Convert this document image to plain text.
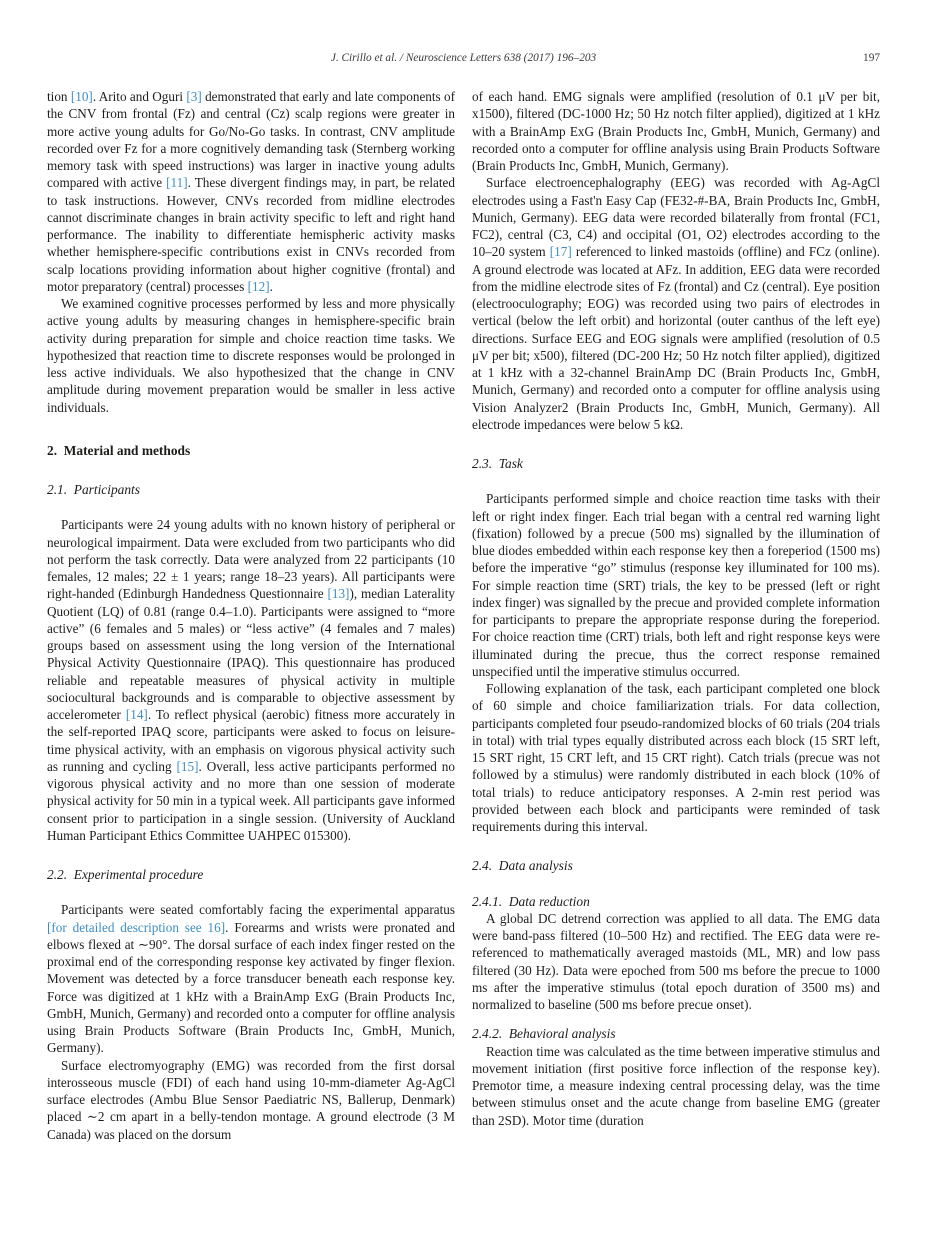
J. Cirillo et al. / Neuroscience Letters 638 (2017) 196–203	197

tion [10]. Arito and Oguri [3] demonstrated that early and late components of the CNV from frontal (Fz) and central (Cz) scalp regions were greater in more active young adults for Go/No-Go tasks. In contrast, CNV amplitude recorded over Fz for a more cognitively demanding task (Sternberg working memory task with speed instructions) was larger in inactive young adults compared with active [11]. These divergent findings may, in part, be related to task instructions. However, CNVs recorded from midline electrodes cannot discriminate changes in brain activity specific to left and right hand performance. The inability to differentiate hemispheric activity masks whether hemisphere-specific contributions exist in CNVs recorded from scalp locations providing information about higher cognitive (frontal) and motor preparatory (central) processes [12].

We examined cognitive processes performed by less and more physically active young adults by measuring changes in hemisphere-specific brain activity during preparation for simple and choice reaction time tasks. We hypothesized that reaction time to discrete responses would be prolonged in less active individuals. We also hypothesized that the change in CNV amplitude during movement preparation would be smaller in less active individuals.

2. Material and methods
2.1. Participants

Participants were 24 young adults with no known history of peripheral or neurological impairment. Data were excluded from two participants who did not perform the task correctly. Data were analyzed from 22 participants (10 females, 12 males; 22 ± 1 years; range 18–23 years). All participants were right-handed (Edinburgh Handedness Questionnaire [13]), median Laterality Quotient (LQ) of 0.81 (range 0.4–1.0). Participants were assigned to “more active” (6 females and 5 males) or “less active” (4 females and 7 males) groups based on assessment using the long version of the International Physical Activity Questionnaire (IPAQ). This questionnaire has produced reliable and repeatable measures of physical activity in multiple sociocultural backgrounds and is comparable to objective assessment by accelerometer [14]. To reflect physical (aerobic) fitness more accurately in the self-reported IPAQ score, participants were asked to focus on leisure-time physical activity, with an emphasis on vigorous physical activity such as running and cycling [15]. Overall, less active participants performed no vigorous physical activity and no more than one session of moderate physical activity for 50 min in a typical week. All participants gave informed consent prior to participation in a single session. (University of Auckland Human Participant Ethics Committee UAHPEC 015300).

2.2. Experimental procedure

Participants were seated comfortably facing the experimental apparatus [for detailed description see 16]. Forearms and wrists were pronated and elbows flexed at ∼90°. The dorsal surface of each index finger rested on the proximal end of the corresponding response key activated by finger flexion. Movement was detected by a force transducer beneath each response key. Force was digitized at 1 kHz with a BrainAmp ExG (Brain Products Inc, GmbH, Munich, Germany) and recorded onto a computer for offline analysis using Brain Products Software (Brain Products Inc, GmbH, Munich, Germany).

Surface electromyography (EMG) was recorded from the first dorsal interosseous muscle (FDI) of each hand using 10-mm-diameter Ag-AgCl surface electrodes (Ambu Blue Sensor Paediatric NS, Ballerup, Denmark) placed ∼2 cm apart in a belly-tendon montage. A ground electrode (3 M Canada) was placed on the dorsum

of each hand. EMG signals were amplified (resolution of 0.1 μV per bit, x1500), filtered (DC-1000 Hz; 50 Hz notch filter applied), digitized at 1 kHz with a BrainAmp ExG (Brain Products Inc, GmbH, Munich, Germany) and recorded onto a computer for offline analysis using Brain Products Software (Brain Products Inc, GmbH, Munich, Germany).

Surface electroencephalography (EEG) was recorded with Ag-AgCl electrodes using a Fast'n Easy Cap (FE32-#-BA, Brain Products Inc, GmbH, Munich, Germany). EEG data were recorded bilaterally from frontal (FC1, FC2), central (C3, C4) and occipital (O1, O2) electrodes according to the 10–20 system [17] referenced to linked mastoids (offline) and FCz (online). A ground electrode was located at AFz. In addition, EEG data were recorded from the midline electrode sites of Fz (frontal) and Cz (central). Eye position (electrooculography; EOG) was recorded using two pairs of electrodes in vertical (below the left orbit) and horizontal (outer canthus of the left eye) directions. Surface EEG and EOG signals were amplified (resolution of 0.5 μV per bit; x500), filtered (DC-200 Hz; 50 Hz notch filter applied), digitized at 1 kHz with a 32-channel BrainAmp DC (Brain Products Inc, GmbH, Munich, Germany) and recorded onto a computer for offline analysis using Vision Analyzer2 (Brain Products Inc, GmbH, Munich, Germany). All electrode impedances were below 5 kΩ.

2.3. Task

Participants performed simple and choice reaction time tasks with their left or right index finger. Each trial began with a central red warning light (fixation) followed by a precue (500 ms) signalled by the illumination of blue diodes embedded within each response key then a foreperiod (1500 ms) before the imperative “go” stimulus (response key illuminated for 100 ms). For simple reaction time (SRT) trials, the key to be pressed (left or right index finger) was signalled by the precue and provided complete information for participants to prepare the appropriate response during the foreperiod. For choice reaction time (CRT) trials, both left and right response keys were illuminated during the precue, thus the correct response remained unspecified until the imperative stimulus occurred.

Following explanation of the task, each participant completed one block of 60 simple and choice familiarization trials. For data collection, participants completed four pseudo-randomized blocks of 60 trials (204 trials in total) with trial types equally distributed across each block (15 SRT left, 15 SRT right, 15 CRT left, and 15 CRT right). Catch trials (precue was not followed by a stimulus) were randomly distributed in each block (10% of total trials) to reduce anticipatory responses. A 2-min rest period was provided between each block and participants were reminded of task requirements during this interval.

2.4. Data analysis
2.4.1. Data reduction

A global DC detrend correction was applied to all data. The EMG data were band-pass filtered (10–500 Hz) and rectified. The EEG data were re-referenced to mathematically averaged mastoids (ML, MR) and low pass filtered (30 Hz). Data were epoched from 500 ms before the precue to 1000 ms after the imperative stimulus (total epoch duration of 3500 ms) and normalized to baseline (500 ms before precue onset).

2.4.2. Behavioral analysis

Reaction time was calculated as the time between imperative stimulus and movement initiation (first positive force inflection of the response key). Premotor time, a measure indexing central processing delay, was the time between stimulus onset and the acute change from baseline EMG (greater than 2SD). Motor time (duration
